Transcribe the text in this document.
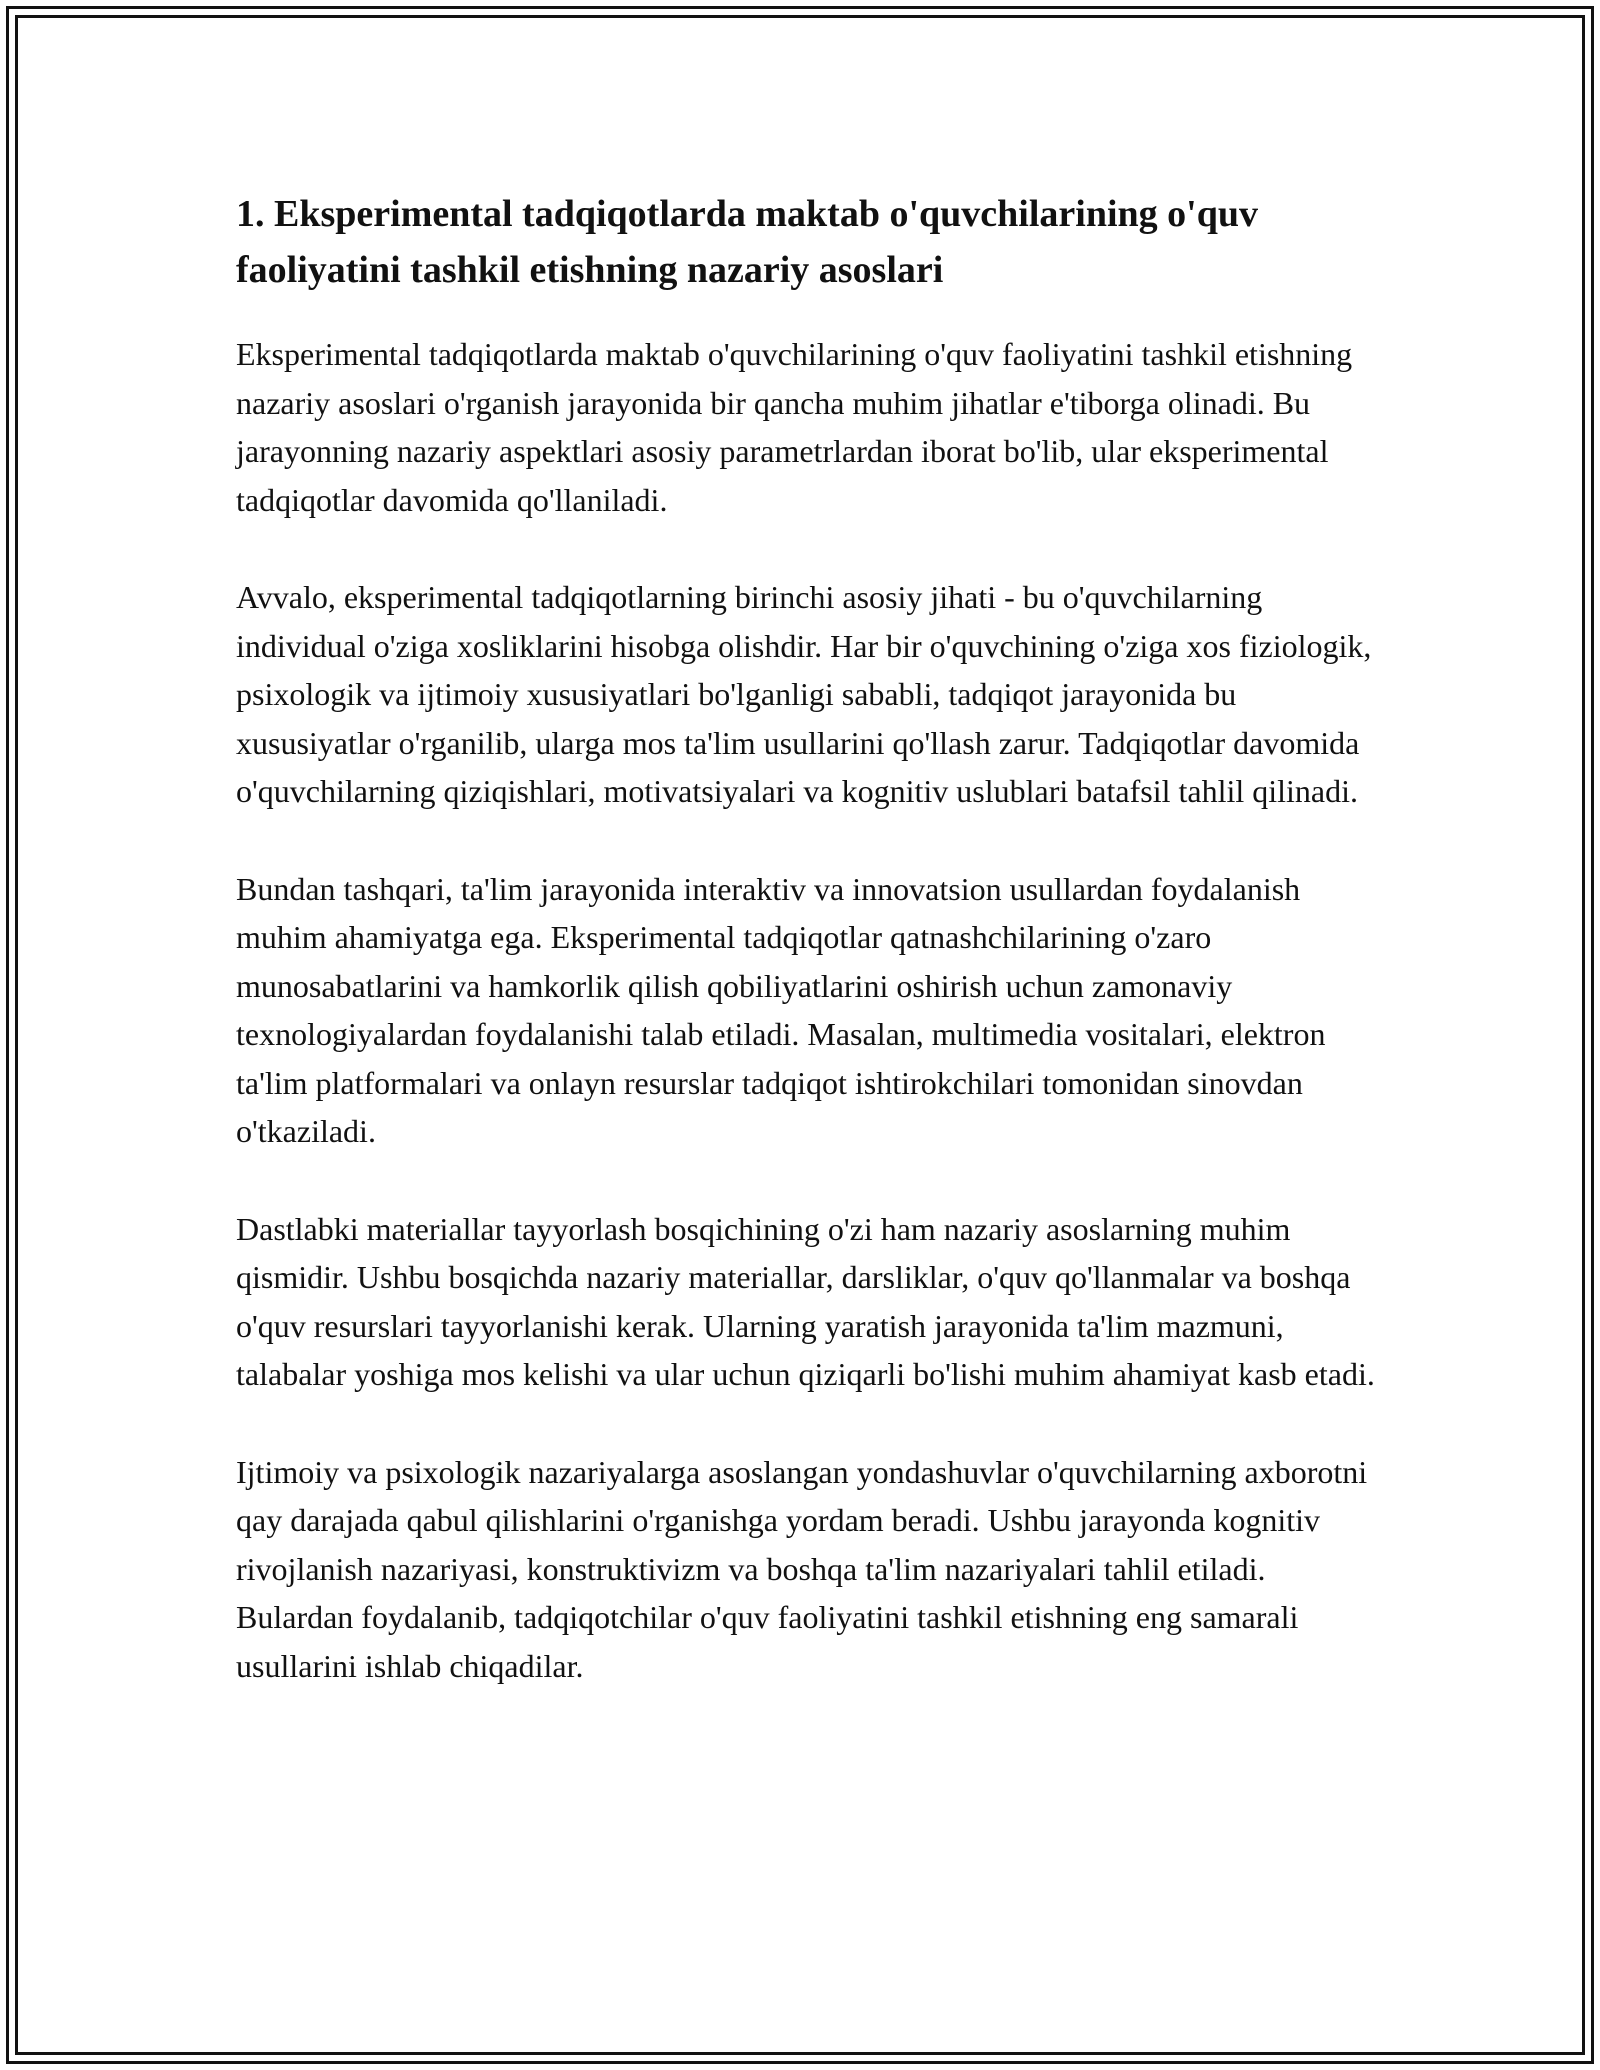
1. Eksperimental tadqiqotlarda maktab o'quvchilarining o'quv faoliyatini tashkil etishning nazariy asoslari

Eksperimental tadqiqotlarda maktab o'quvchilarining o'quv faoliyatini tashkil etishning nazariy asoslari o'rganish jarayonida bir qancha muhim jihatlar e'tiborga olinadi. Bu jarayonning nazariy aspektlari asosiy parametrlardan iborat bo'lib, ular eksperimental tadqiqotlar davomida qo'llaniladi.

Avvalo, eksperimental tadqiqotlarning birinchi asosiy jihati - bu o'quvchilarning individual o'ziga xosliklarini hisobga olishdir. Har bir o'quvchining o'ziga xos fiziologik, psixologik va ijtimoiy xususiyatlari bo'lganligi sababli, tadqiqot jarayonida bu xususiyatlar o'rganilib, ularga mos ta'lim usullarini qo'llash zarur. Tadqiqotlar davomida o'quvchilarning qiziqishlari, motivatsiyalari va kognitiv uslublari batafsil tahlil qilinadi.

Bundan tashqari, ta'lim jarayonida interaktiv va innovatsion usullardan foydalanish muhim ahamiyatga ega. Eksperimental tadqiqotlar qatnashchilarining o'zaro munosabatlarini va hamkorlik qilish qobiliyatlarini oshirish uchun zamonaviy texnologiyalardan foydalanishi talab etiladi. Masalan, multimedia vositalari, elektron ta'lim platformalari va onlayn resurslar tadqiqot ishtirokchilari tomonidan sinovdan o'tkaziladi.

Dastlabki materiallar tayyorlash bosqichining o'zi ham nazariy asoslarning muhim qismidir. Ushbu bosqichda nazariy materiallar, darsliklar, o'quv qo'llanmalar va boshqa o'quv resurslari tayyorlanishi kerak. Ularning yaratish jarayonida ta'lim mazmuni, talabalar yoshiga mos kelishi va ular uchun qiziqarli bo'lishi muhim ahamiyat kasb etadi.

Ijtimoiy va psixologik nazariyalarga asoslangan yondashuvlar o'quvchilarning axborotni qay darajada qabul qilishlarini o'rganishga yordam beradi. Ushbu jarayonda kognitiv rivojlanish nazariyasi, konstruktivizm va boshqa ta'lim nazariyalari tahlil etiladi. Bulardan foydalanib, tadqiqotchilar o'quv faoliyatini tashkil etishning eng samarali usullarini ishlab chiqadilar.
